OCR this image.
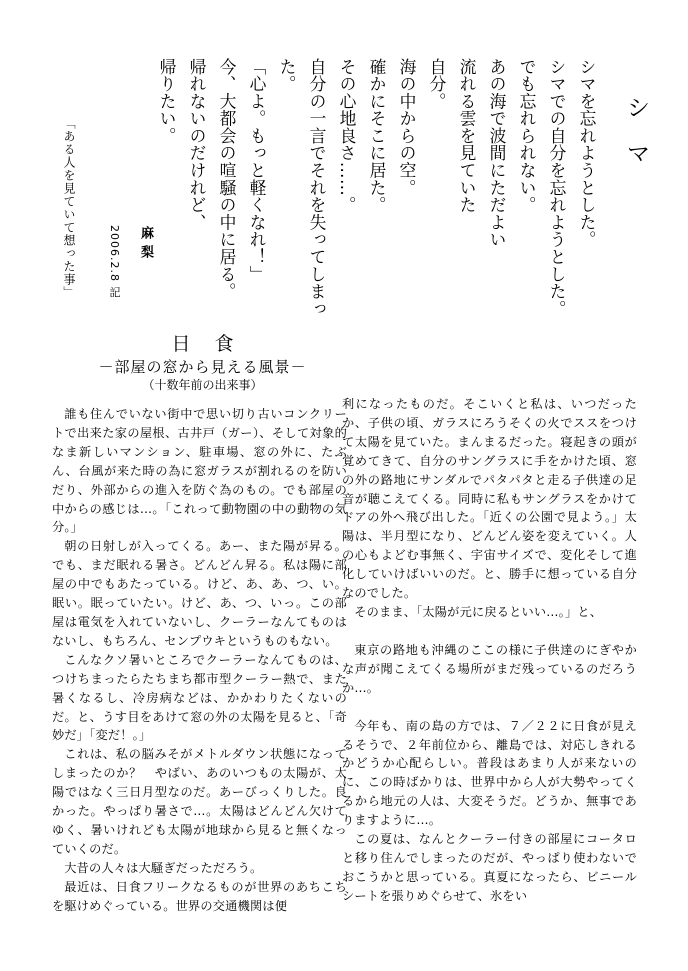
シマ
シマを忘れようとした。
シマでの自分を忘れようとした。
でも忘れられない。
あの海で波間にただよい
流れる雲を見ていた
自分。
海の中からの空。
確かにそこに居た。
その心地良さ……。
自分の一言でそれを失ってしまっ
た。
「心よ。もっと軽くなれ！」
今、大都会の喧騒の中に居る。
帰れないのだけれど、
帰りたい。
麻梨
2006.2.8 記
「ある人を見ていて想った事」
日食
－部屋の窓から見える風景－
（十数年前の出来事）

誰も住んでいない街中で思い切り古いコンクリートで出来た家の屋根、古井戸（ガー）、そして対象的なま新しいマンション、駐車場、窓の外に、たぶん、台風が来た時の為に窓ガラスが割れるのを防いだり、外部からの進入を防ぐ為のもの。でも部屋の中からの感じは…。「これって動物園の中の動物の気分。」

朝の日射しが入ってくる。あー、また陽が昇る。でも、まだ眠れる暑さ。どんどん昇る。私は陽に部屋の中でもあたっている。けど、あ、あ、つ、い。眠い。眠っていたい。けど、あ、つ、いっ。この部屋は電気を入れていないし、クーラーなんてものはないし、もちろん、センプウキというものもない。

こんなクソ暑いところでクーラーなんてものは、つけちまったらたちまち都市型クーラー熱で、また暑くなるし、冷房病などは、かかわりたくないのだ。と、うす目をあけて窓の外の太陽を見ると、「奇妙だ」「変だ！。」

これは、私の脳みそがメトルダウン状態になってしまったのか？　やばい、あのいつもの太陽が、太陽ではなく三日月型なのだ。あーびっくりした。良かった。やっぱり暑さで…。太陽はどんどん欠けてゆく、暑いけれども太陽が地球から見ると無くなっていくのだ。

大昔の人々は大騒ぎだっただろう。

最近は、日食フリークなるものが世界のあちこちを駆けめぐっている。世界の交通機関は便

利になったものだ。そこいくと私は、いつだったか、子供の頃、ガラスにろうそくの火でススをつけて太陽を見ていた。まんまるだった。寝起きの頭が覚めてきて、自分のサングラスに手をかけた頃、窓の外の路地にサンダルでパタパタと走る子供達の足音が聴こえてくる。同時に私もサングラスをかけてドアの外へ飛び出した。「近くの公園で見よう。」太陽は、半月型になり、どんどん姿を変えていく。人の心もよどむ事無く、宇宙サイズで、変化そして進化していけばいいのだ。と、勝手に想っている自分なのでした。

そのまま、「太陽が元に戻るといい…。」と、

東京の路地も沖縄のここの様に子供達のにぎやかな声が聞こえてくる場所がまだ残っているのだろうか…。

今年も、南の島の方では、７／２２に日食が見えるそうで、２年前位から、離島では、対応しきれるかどうか心配らしい。普段はあまり人が来ないのに、この時ばかりは、世界中から人が大勢やってくるから地元の人は、大変そうだ。どうか、無事でありますように…。

この夏は、なんとクーラー付きの部屋にコータロと移り住んでしまったのだが、やっぱり使わないでおこうかと思っている。真夏になったら、ビニールシートを張りめぐらせて、氷をい
